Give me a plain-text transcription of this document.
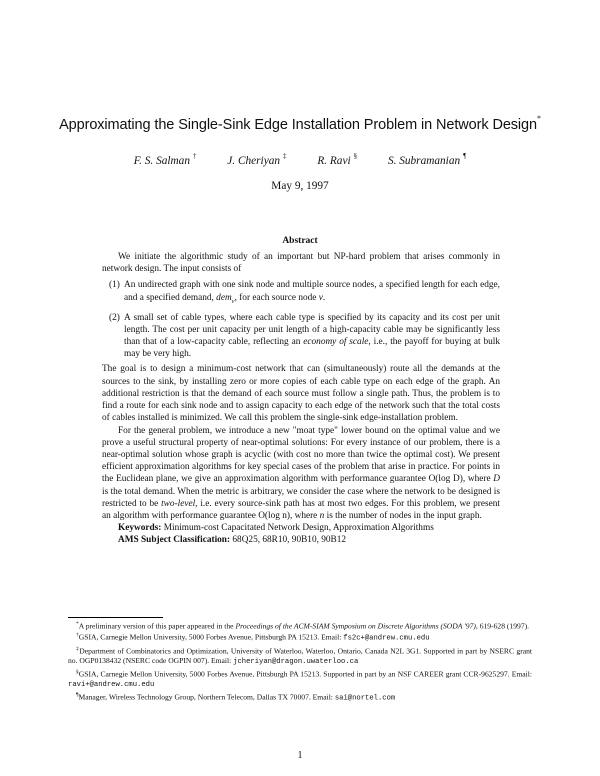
Approximating the Single-Sink Edge Installation Problem in Network Design*
F. S. Salman †	J. Cheriyan ‡	R. Ravi §	S. Subramanian ¶
May 9, 1997
Abstract

We initiate the algorithmic study of an important but NP-hard problem that arises commonly in network design. The input consists of

(1) An undirected graph with one sink node and multiple source nodes, a specified length for each edge, and a specified demand, dem$_v$, for each source node v.
(2) A small set of cable types, where each cable type is specified by its capacity and its cost per unit length. The cost per unit capacity per unit length of a high-capacity cable may be significantly less than that of a low-capacity cable, reflecting an economy of scale, i.e., the payoff for buying at bulk may be very high.

The goal is to design a minimum-cost network that can (simultaneously) route all the demands at the sources to the sink, by installing zero or more copies of each cable type on each edge of the graph. An additional restriction is that the demand of each source must follow a single path. Thus, the problem is to find a route for each sink node and to assign capacity to each edge of the network such that the total costs of cables installed is minimized. We call this problem the single-sink edge-installation problem.

For the general problem, we introduce a new "moat type" lower bound on the optimal value and we prove a useful structural property of near-optimal solutions: For every instance of our problem, there is a near-optimal solution whose graph is acyclic (with cost no more than twice the optimal cost). We present efficient approximation algorithms for key special cases of the problem that arise in practice. For points in the Euclidean plane, we give an approximation algorithm with performance guarantee O(log D), where D is the total demand. When the metric is arbitrary, we consider the case where the network to be designed is restricted to be two-level, i.e. every source-sink path has at most two edges. For this problem, we present an algorithm with performance guarantee O(log n), where n is the number of nodes in the input graph.

Keywords: Minimum-cost Capacitated Network Design, Approximation Algorithms

AMS Subject Classification: 68Q25, 68R10, 90B10, 90B12

*A preliminary version of this paper appeared in the Proceedings of the ACM-SIAM Symposium on Discrete Algorithms (SODA '97), 619-628 (1997).

†GSIA, Carnegie Mellon University, 5000 Forbes Avenue, Pittsburgh PA 15213. Email: fs2c+@andrew.cmu.edu

‡Department of Combinatorics and Optimization, University of Waterloo, Waterloo, Ontario, Canada N2L 3G1. Supported in part by NSERC grant no. OGP0138432 (NSERC code OGPIN 007). Email: jcheriyan@dragon.uwaterloo.ca

§GSIA, Carnegie Mellon University, 5000 Forbes Avenue, Pittsburgh PA 15213. Supported in part by an NSF CAREER grant CCR-9625297. Email: ravi+@andrew.cmu.edu

¶Manager, Wireless Technology Group, Northern Telecom, Dallas TX 70007. Email: sai@nortel.com

1
